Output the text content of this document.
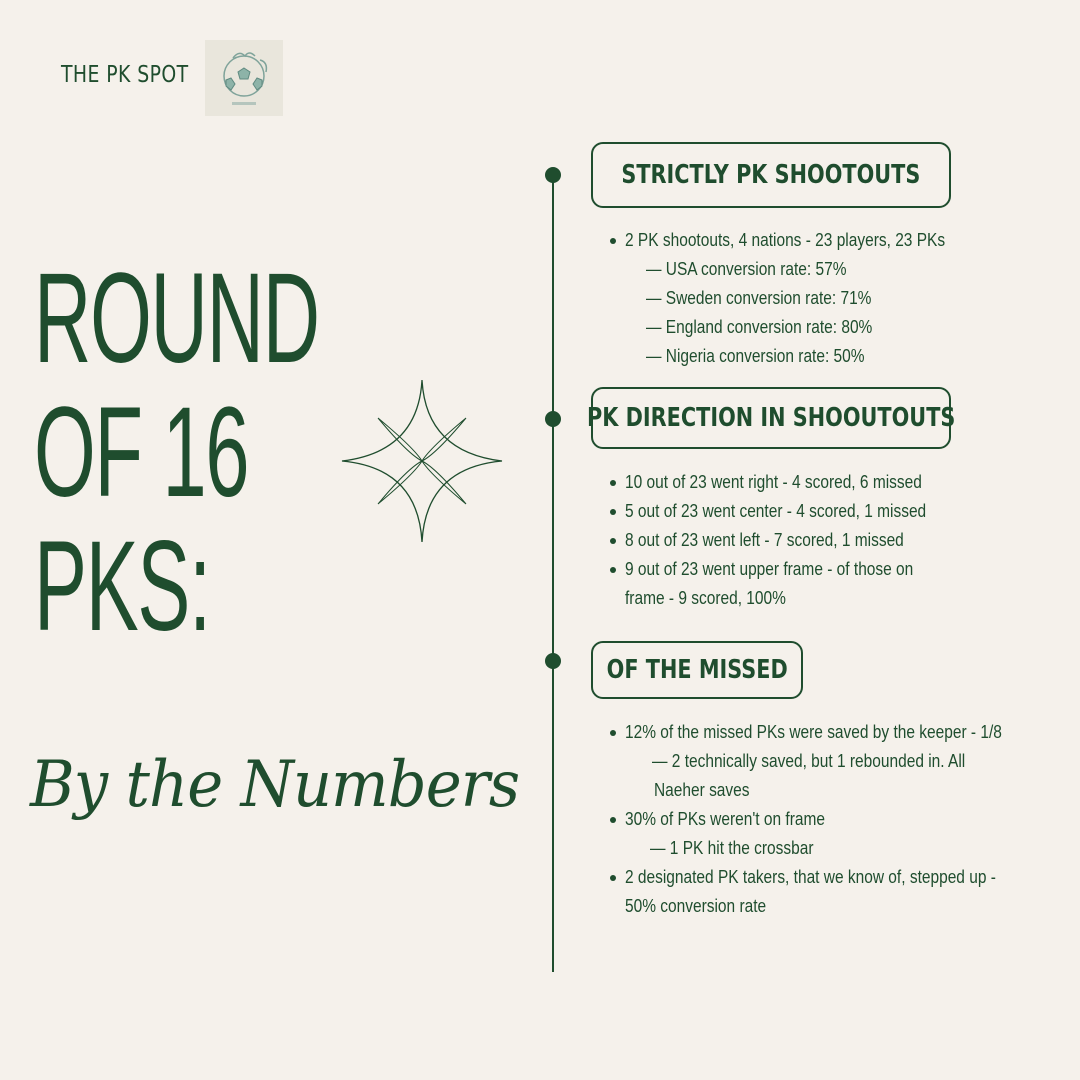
THE PK SPOT
ROUND
OF 16
PKS:
By the Numbers
STRICTLY PK SHOOTOUTS
2 PK shootouts, 4 nations - 23 players, 23 PKs
— USA conversion rate: 57%
— Sweden conversion rate: 71%
— England conversion rate: 80%
— Nigeria conversion rate: 50%
PK DIRECTION IN SHOOUTOUTS
10 out of 23 went right - 4 scored, 6 missed
5 out of 23 went center - 4 scored, 1 missed
8 out of 23 went left - 7 scored, 1 missed
9 out of 23 went upper frame - of those on
frame - 9 scored, 100%
OF THE MISSED
12% of the missed PKs were saved by the keeper - 1/8
— 2 technically saved, but 1 rebounded in. All
Naeher saves
30% of PKs weren't on frame
— 1 PK hit the crossbar
2 designated PK takers, that we know of, stepped up -
50% conversion rate
